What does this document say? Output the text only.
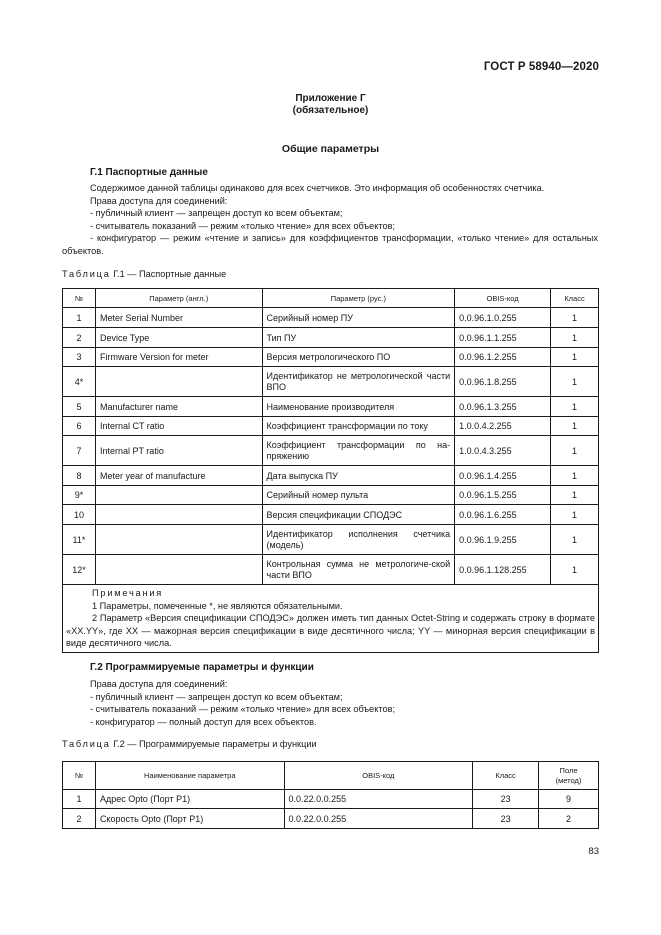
ГОСТ Р 58940—2020
Приложение Г
(обязательное)
Общие параметры
Г.1 Паспортные данные
Содержимое данной таблицы одинаково для всех счетчиков. Это информация об особенностях счетчика.
Права доступа для соединений:
- публичный клиент — запрещен доступ ко всем объектам;
- считыватель показаний — режим «только чтение» для всех объектов;
- конфигуратор — режим «чтение и запись» для коэффициентов трансформации, «только чтение» для остальных объектов.
Таблица Г.1 — Паспортные данные
№	Параметр (англ.)	Параметр (рус.)	OBIS-код	Класс
1	Meter Serial Number	Серийный номер ПУ	0.0.96.1.0.255	1
2	Device Type	Тип ПУ	0.0.96.1.1.255	1
3	Firmware Version for meter	Версия метрологического ПО	0.0.96.1.2.255	1
4*		Идентификатор не метрологической части ВПО	0.0.96.1.8.255	1
5	Manufacturer name	Наименование производителя	0.0.96.1.3.255	1
6	Internal CT ratio	Коэффициент трансформации по току	1.0.0.4.2.255	1
7	Internal PT ratio	Коэффициент трансформации по на-пряжению	1.0.0.4.3.255	1
8	Meter year of manufacture	Дата выпуска ПУ	0.0.96.1.4.255	1
9*		Серийный номер пульта	0.0.96.1.5.255	1
10		Версия спецификации СПОДЭС	0.0.96.1.6.255	1
11*		Идентификатор исполнения счетчика (модель)	0.0.96.1.9.255	1
12*		Контрольная сумма не метрологиче-ской части ВПО	0.0.96.1.128.255	1

Примечания
1 Параметры, помеченные *, не являются обязательными.
2 Параметр «Версия спецификации СПОДЭС» должен иметь тип данных Octet-String и содержать строку в формате «XX.YY», где XX — мажорная версия спецификации в виде десятичного числа; YY — минорная версия спецификации в виде десятичного числа.				
Г.2 Программируемые параметры и функции
Права доступа для соединений:
- публичный клиент — запрещен доступ ко всем объектам;
- считыватель показаний — режим «только чтение» для всех объектов;
- конфигуратор — полный доступ для всех объектов.
Таблица Г.2 — Программируемые параметры и функции
№	Наименование параметра	OBIS-код	Класс	Поле
(метод)

1	Адрес Opto (Порт P1)	0.0.22.0.0.255	23	9
2	Скорость Opto (Порт P1)	0.0.22.0.0.255	23	2
83
